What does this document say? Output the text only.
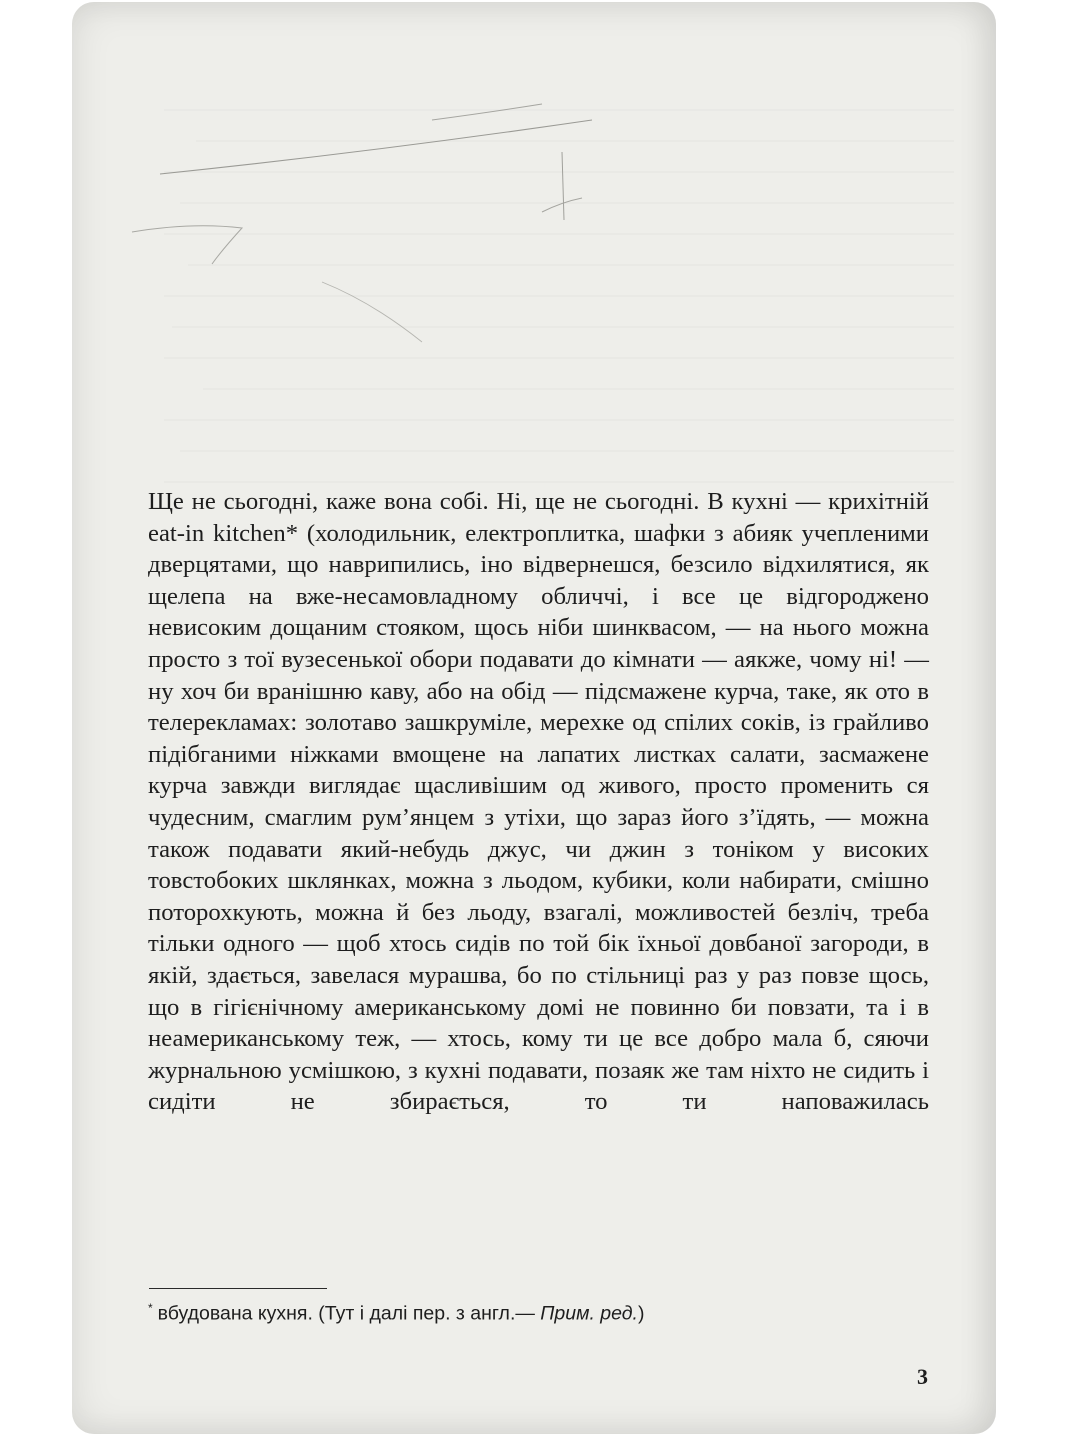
Ще не сьогодні, каже вона собі. Ні, ще не сьогодні. В кухні — крихітній eat-in kitchen* (холодильник, електроплитка, шафки з абияк учепленими дверцятами, що наврипились, іно відвернешся, безсило відхилятися, як щелепа на вже-несамовладному обличчі, і все це відгороджено невисоким дощаним стояком, щось ніби шинквасом, — на нього можна просто з тої вузесенької обори подавати до кімнати — аякже, чому ні! — ну хоч би вранішню каву, або на обід — підсмажене курча, таке, як ото в телерекламах: золотаво зашкруміле, мерехке од спілих соків, із грайливо підібганими ніжками вмощене на лапатих листках салати, засмажене курча завжди виглядає щасливішим од живого, просто променить ся чудесним, смаглим рум’янцем з утіхи, що зараз його з’їдять, — можна також подавати який-небудь джус, чи джин з тоніком у високих товстобоких шклянках, можна з льодом, кубики, коли набирати, смішно поторохкують, можна й без льоду, взагалі, можливостей безліч, треба тільки одного — щоб хтось сидів по той бік їхньої довбаної загороди, в якій, здається, завелася мурашва, бо по стільниці раз у раз повзе щось, що в гігієнічному американському домі не повинно би повзати, та і в неамериканському теж, — хтось, кому ти це все добро мала б, сяючи журнальною усмішкою, з кухні подавати, позаяк же там ніхто не сидить і сидіти не збирається, то ти наповажилась

* вбудована кухня. (Тут і далі пер. з англ.— Прим. ред.)
3
